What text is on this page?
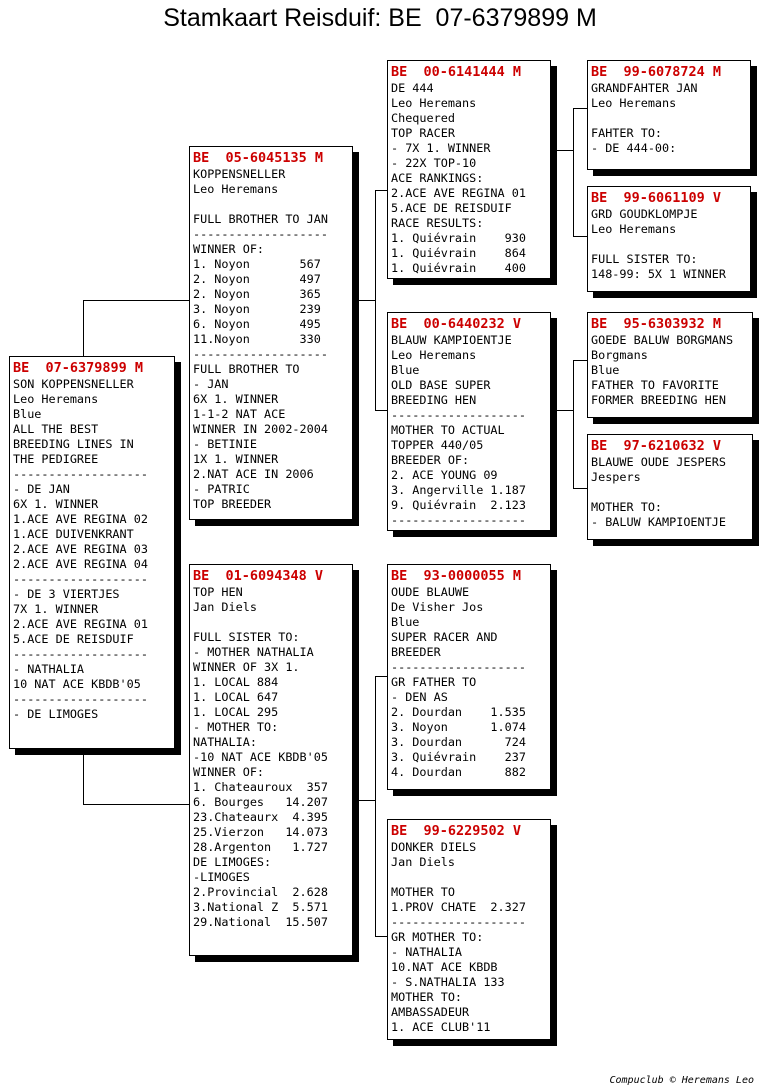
Stamkaart Reisduif: BE  07-6379899 M
BE  07-6379899 M
SON KOPPENSNELLER
Leo Heremans
Blue
ALL THE BEST
BREEDING LINES IN
THE PEDIGREE
-------------------
- DE JAN
6X 1. WINNER
1.ACE AVE REGINA 02
1.ACE DUIVENKRANT
2.ACE AVE REGINA 03
2.ACE AVE REGINA 04
-------------------
- DE 3 VIERTJES
7X 1. WINNER
2.ACE AVE REGINA 01
5.ACE DE REISDUIF
-------------------
- NATHALIA
10 NAT ACE KBDB'05
-------------------
- DE LIMOGES
BE  05-6045135 M
KOPPENSNELLER
Leo Heremans
FULL BROTHER TO JAN
-------------------
WINNER OF:
1. Noyon       567
2. Noyon       497
2. Noyon       365
3. Noyon       239
6. Noyon       495
11.Noyon       330
-------------------
FULL BROTHER TO
- JAN
6X 1. WINNER
1-1-2 NAT ACE
WINNER IN 2002-2004
- BETINIE
1X 1. WINNER
2.NAT ACE IN 2006
- PATRIC
TOP BREEDER
BE  01-6094348 V
TOP HEN
Jan Diels
FULL SISTER TO:
- MOTHER NATHALIA
WINNER OF 3X 1.
1. LOCAL 884
1. LOCAL 647
1. LOCAL 295
- MOTHER TO:
NATHALIA:
-10 NAT ACE KBDB'05
WINNER OF:
1. Chateauroux  357
6. Bourges   14.207
23.Chateaurx  4.395
25.Vierzon   14.073
28.Argenton   1.727
DE LIMOGES:
-LIMOGES
2.Provincial  2.628
3.National Z  5.571
29.National  15.507
BE  00-6141444 M
DE 444
Leo Heremans
Chequered
TOP RACER
- 7X 1. WINNER
- 22X TOP-10
ACE RANKINGS:
2.ACE AVE REGINA 01
5.ACE DE REISDUIF
RACE RESULTS:
1. Quiévrain    930
1. Quiévrain    864
1. Quiévrain    400
BE  00-6440232 V
BLAUW KAMPIOENTJE
Leo Heremans
Blue
OLD BASE SUPER
BREEDING HEN
-------------------
MOTHER TO ACTUAL
TOPPER 440/05
BREEDER OF:
2. ACE YOUNG 09
3. Angerville 1.187
9. Quiévrain  2.123
-------------------
BE  93-0000055 M
OUDE BLAUWE
De Visher Jos
Blue
SUPER RACER AND
BREEDER
-------------------
GR FATHER TO
- DEN AS
2. Dourdan    1.535
3. Noyon      1.074
3. Dourdan      724
3. Quiévrain    237
4. Dourdan      882
BE  99-6229502 V
DONKER DIELS
Jan Diels
MOTHER TO
1.PROV CHATE  2.327
-------------------
GR MOTHER TO:
- NATHALIA
10.NAT ACE KBDB
- S.NATHALIA 133
MOTHER TO:
AMBASSADEUR
1. ACE CLUB'11
BE  99-6078724 M
GRANDFAHTER JAN
Leo Heremans
FAHTER TO:
- DE 444-00:
BE  99-6061109 V
GRD GOUDKLOMPJE
Leo Heremans
FULL SISTER TO:
148-99: 5X 1 WINNER
BE  95-6303932 M
GOEDE BALUW BORGMANS
Borgmans
Blue
FATHER TO FAVORITE
FORMER BREEDING HEN
BE  97-6210632 V
BLAUWE OUDE JESPERS
Jespers
MOTHER TO:
- BALUW KAMPIOENTJE
Compuclub © Heremans Leo
